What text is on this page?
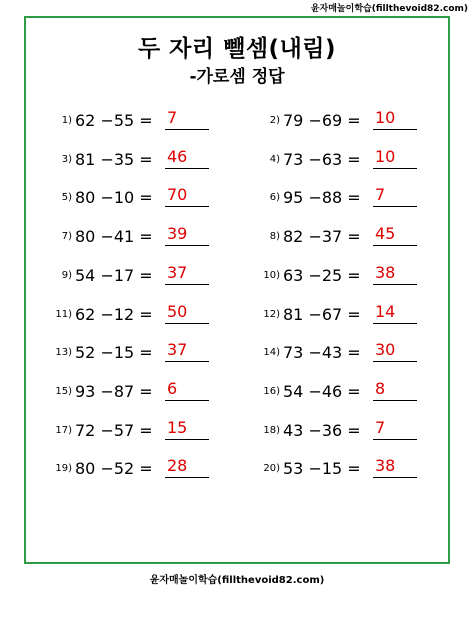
윤자매놀이학습(fillthevoid82.com)
두 자리 뺄셈(내림)
-가로셈 정답
1) 62 −55 = 7	2) 79 −69 = 10
3) 81 −35 = 46	4) 73 −63 = 10
5) 80 −10 = 70	6) 95 −88 = 7
7) 80 −41 = 39	8) 82 −37 = 45
9) 54 −17 = 37	10) 63 −25 = 38
11) 62 −12 = 50	12) 81 −67 = 14
13) 52 −15 = 37	14) 73 −43 = 30
15) 93 −87 = 6	16) 54 −46 = 8
17) 72 −57 = 15	18) 43 −36 = 7
19) 80 −52 = 28	20) 53 −15 = 38
윤자매놀이학습(fillthevoid82.com)
